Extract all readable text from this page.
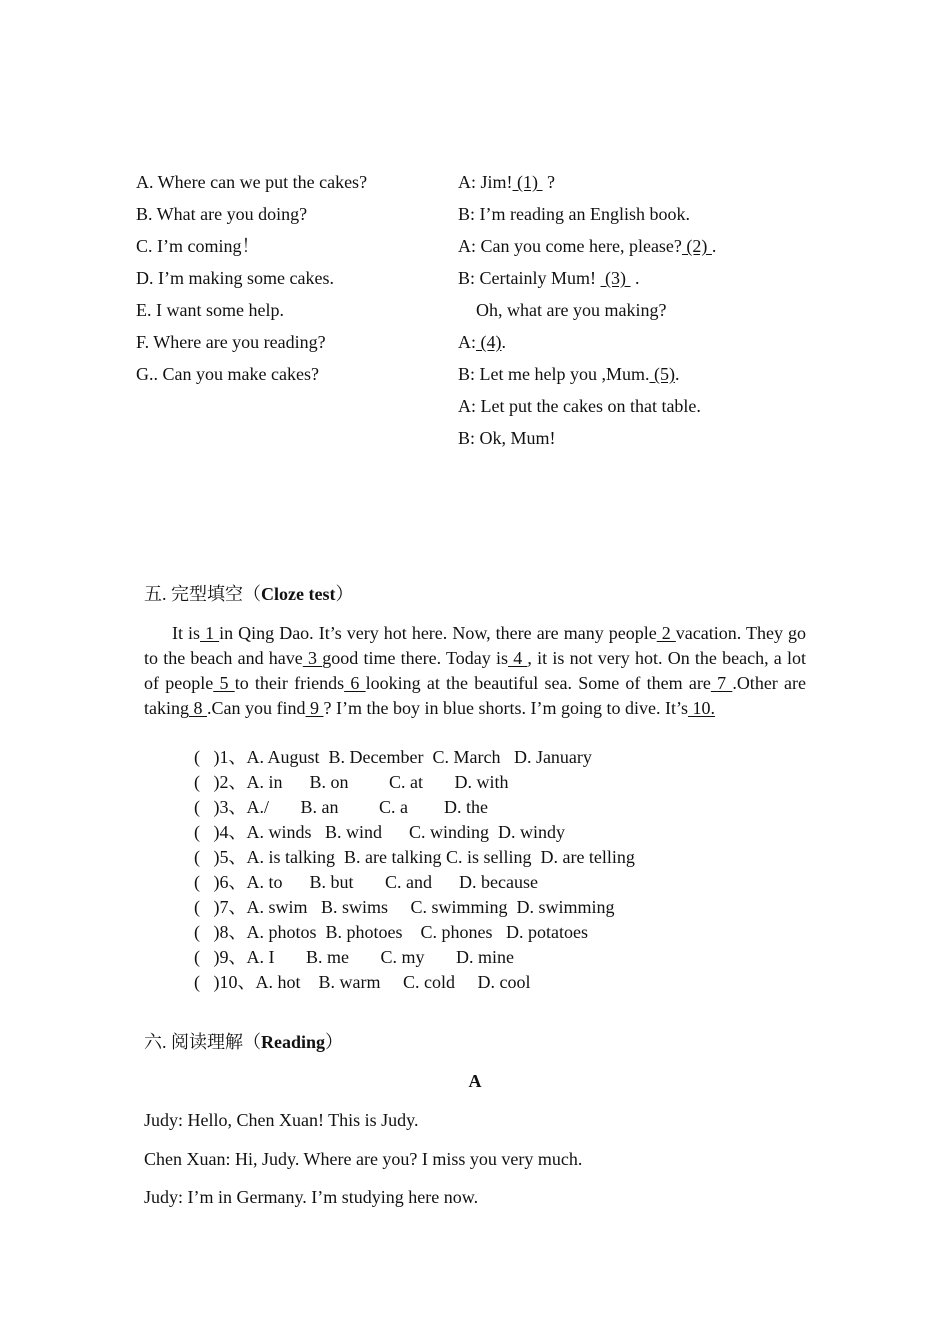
A. Where can we put the cakes?
B. What are you doing?
C. I’m coming！
D. I’m making some cakes.
E. I want some help.
F. Where are you reading?
G.. Can you make cakes?
A: Jim! (1)  ?
B: I’m reading an English book.
A: Can you come here, please? (2) .
B: Certainly Mum!  (3)  .
Oh, what are you making?
A: (4).
B: Let me help you ,Mum. (5).
A: Let put the cakes on that table.
B: Ok, Mum!
五. 完型填空（Cloze test）
It is 1 in Qing Dao. It’s very hot here. Now, there are many people 2 vacation. They go to the beach and have 3 good time there. Today is 4 , it is not very hot. On the beach, a lot of people 5 to their friends 6 looking at the beautiful sea. Some of them are 7 .Other are taking 8 .Can you find 9 ? I’m the boy in blue shorts. I’m going to dive. It’s 10.
(   )1、A. August  B. December  C. March   D. January
(   )2、A. in      B. on         C. at       D. with
(   )3、A./       B. an         C. a        D. the
(   )4、A. winds   B. wind      C. winding  D. windy
(   )5、A. is talking  B. are talking C. is selling  D. are telling
(   )6、A. to      B. but       C. and      D. because
(   )7、A. swim   B. swims     C. swimming  D. swimming
(   )8、A. photos  B. photoes    C. phones   D. potatoes
(   )9、A. I       B. me       C. my       D. mine
(   )10、A. hot    B. warm     C. cold     D. cool
六. 阅读理解（Reading）
A
Judy: Hello, Chen Xuan! This is Judy.
Chen Xuan: Hi, Judy. Where are you? I miss you very much.
Judy: I’m in Germany. I’m studying here now.
